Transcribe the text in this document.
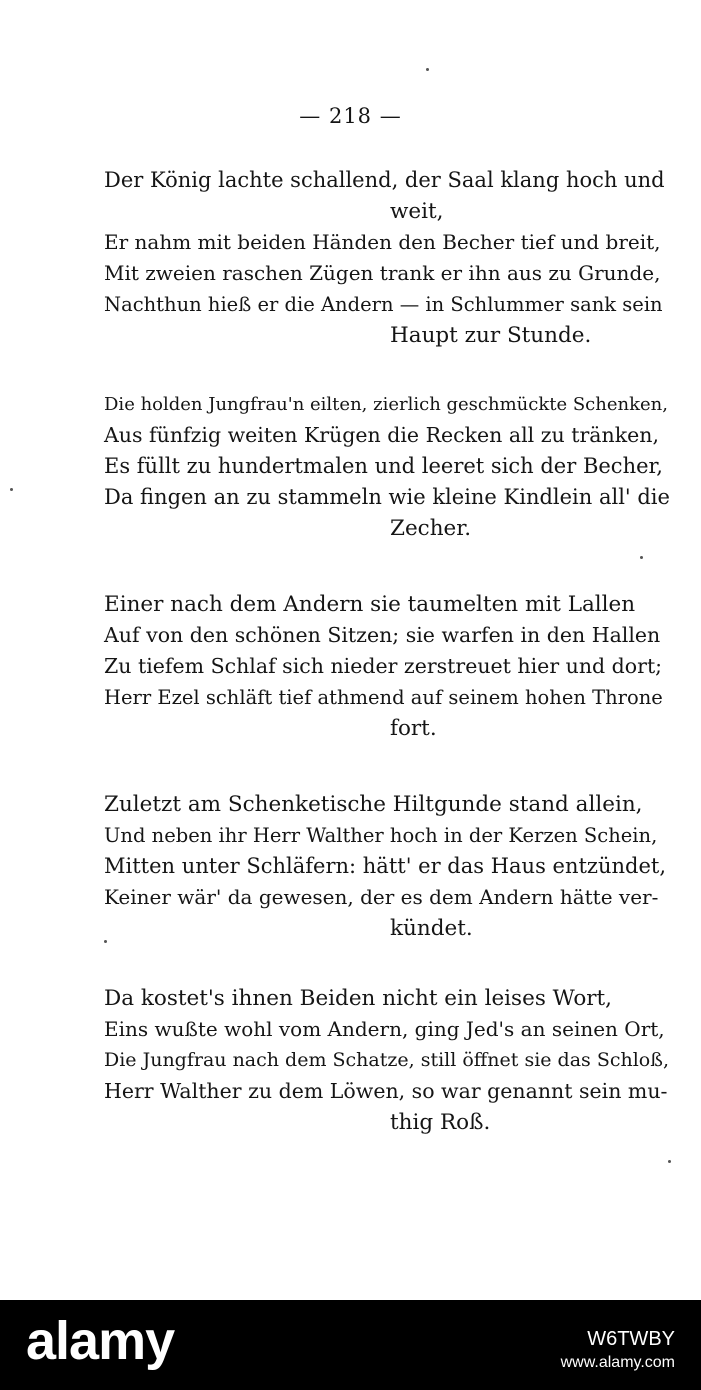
— 218 —
Der König lachte schallend, der Saal klang hoch und
weit,
Er nahm mit beiden Händen den Becher tief und breit,
Mit zweien raschen Zügen trank er ihn aus zu Grunde,
Nachthun hieß er die Andern — in Schlummer sank sein
Haupt zur Stunde.
Die holden Jungfrau'n eilten, zierlich geschmückte Schenken,
Aus fünfzig weiten Krügen die Recken all zu tränken,
Es füllt zu hundertmalen und leeret sich der Becher,
Da fingen an zu stammeln wie kleine Kindlein all' die
Zecher.
Einer nach dem Andern sie taumelten mit Lallen
Auf von den schönen Sitzen; sie warfen in den Hallen
Zu tiefem Schlaf sich nieder zerstreuet hier und dort;
Herr Ezel schläft tief athmend auf seinem hohen Throne
fort.
Zuletzt am Schenketische Hiltgunde stand allein,
Und neben ihr Herr Walther hoch in der Kerzen Schein,
Mitten unter Schläfern: hätt' er das Haus entzündet,
Keiner wär' da gewesen, der es dem Andern hätte ver-
kündet.
Da kostet's ihnen Beiden nicht ein leises Wort,
Eins wußte wohl vom Andern, ging Jed's an seinen Ort,
Die Jungfrau nach dem Schatze, still öffnet sie das Schloß,
Herr Walther zu dem Löwen, so war genannt sein mu-
thig Roß.
alamy	W6TWBY
www.alamy.com
